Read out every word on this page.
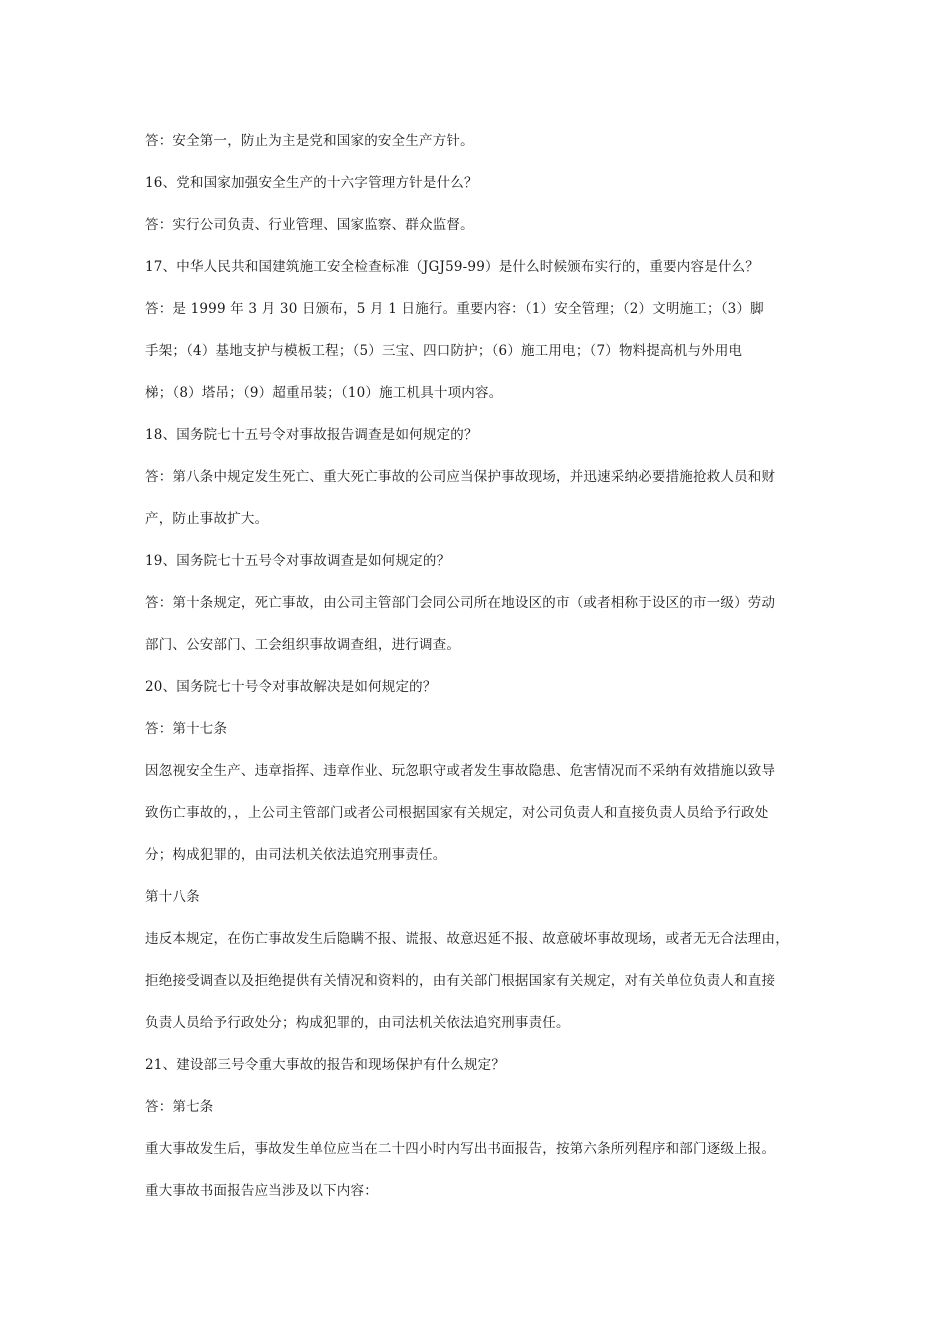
答：安全第一，防止为主是党和国家的安全生产方针。
16、党和国家加强安全生产的十六字管理方针是什么？
答：实行公司负责、行业管理、国家监察、群众监督。
17、中华人民共和国建筑施工安全检查标准（JGJ59-99）是什么时候颁布实行的，重要内容是什么？
答：是 1999 年 3 月 30 日颁布，5 月 1 日施行。重要内容：（1）安全管理；（2）文明施工；（3）脚
手架；（4）基地支护与模板工程；（5）三宝、四口防护；（6）施工用电；（7）物料提高机与外用电
梯；（8）塔吊；（9）超重吊装；（10）施工机具十项内容。
18、国务院七十五号令对事故报告调查是如何规定的？
答：第八条中规定发生死亡、重大死亡事故的公司应当保护事故现场，并迅速采纳必要措施抢救人员和财
产，防止事故扩大。
19、国务院七十五号令对事故调查是如何规定的？
答：第十条规定，死亡事故，由公司主管部门会同公司所在地设区的市（或者相称于设区的市一级）劳动
部门、公安部门、工会组织事故调查组，进行调查。
20、国务院七十号令对事故解决是如何规定的？
答：第十七条
因忽视安全生产、违章指挥、违章作业、玩忽职守或者发生事故隐患、危害情况而不采纳有效措施以致导
致伤亡事故的，，上公司主管部门或者公司根据国家有关规定，对公司负责人和直接负责人员给予行政处
分；构成犯罪的，由司法机关依法追究刑事责任。
第十八条
违反本规定，在伤亡事故发生后隐瞒不报、谎报、故意迟延不报、故意破坏事故现场，或者无无合法理由，
拒绝接受调查以及拒绝提供有关情况和资料的，由有关部门根据国家有关规定，对有关单位负责人和直接
负责人员给予行政处分；构成犯罪的，由司法机关依法追究刑事责任。
21、建设部三号令重大事故的报告和现场保护有什么规定？
答：第七条
重大事故发生后，事故发生单位应当在二十四小时内写出书面报告，按第六条所列程序和部门逐级上报。
重大事故书面报告应当涉及以下内容：
